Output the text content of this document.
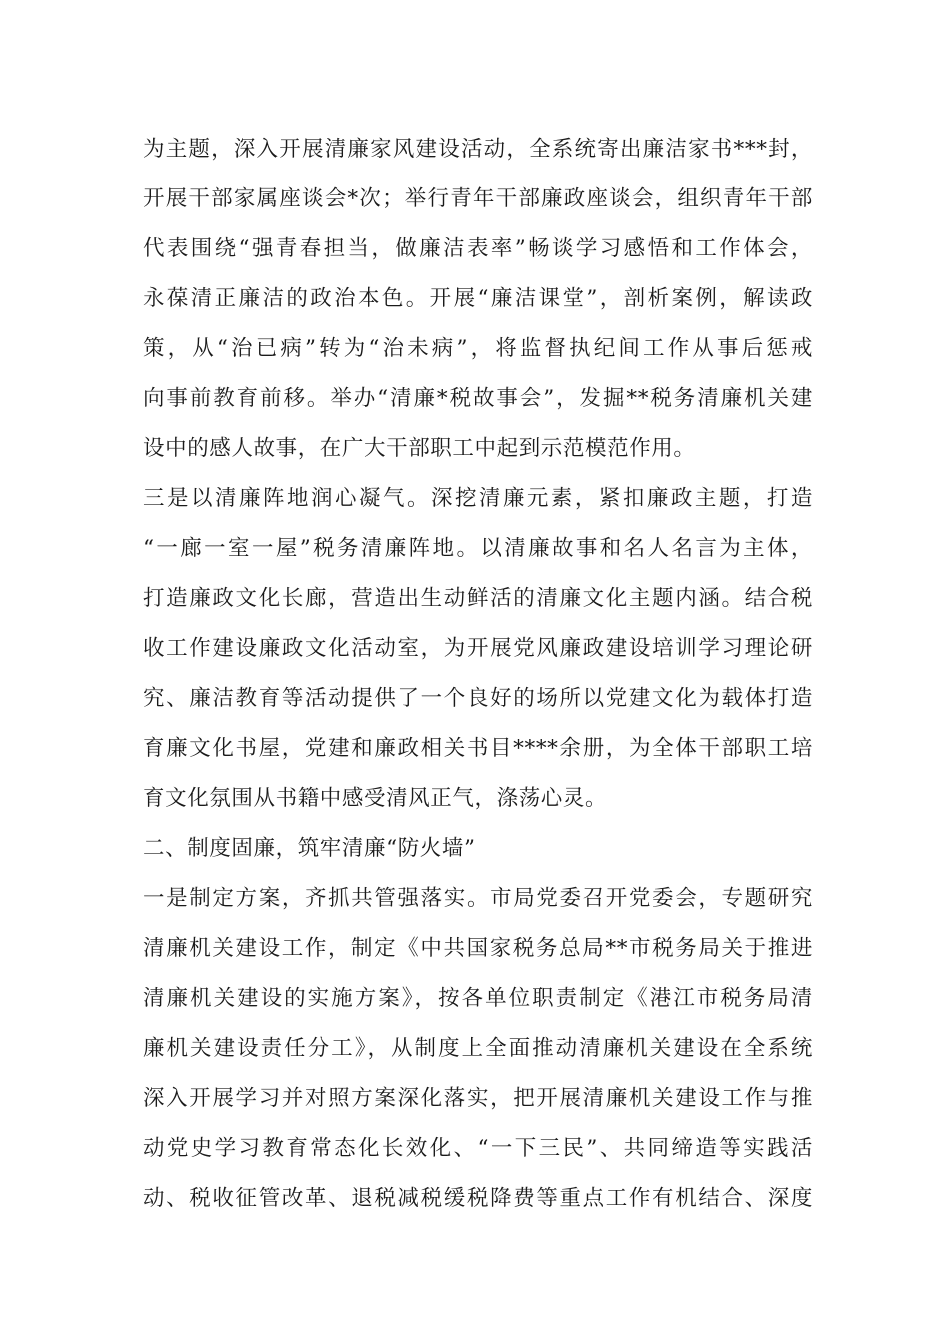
为主题，深入开展清廉家风建设活动，全系统寄出廉洁家书***封，
开展干部家属座谈会*次；举行青年干部廉政座谈会，组织青年干部
代表围绕“强青春担当，做廉洁表率”畅谈学习感悟和工作体会，
永葆清正廉洁的政治本色。开展“廉洁课堂”，剖析案例，解读政
策，从“治已病”转为“治未病”，将监督执纪间工作从事后惩戒
向事前教育前移。举办“清廉*税故事会”，发掘**税务清廉机关建
设中的感人故事，在广大干部职工中起到示范模范作用。
三是以清廉阵地润心凝气。深挖清廉元素，紧扣廉政主题，打造
“一廊一室一屋”税务清廉阵地。以清廉故事和名人名言为主体，
打造廉政文化长廊，营造出生动鲜活的清廉文化主题内涵。结合税
收工作建设廉政文化活动室，为开展党风廉政建设培训学习理论研
究、廉洁教育等活动提供了一个良好的场所以党建文化为载体打造
育廉文化书屋，党建和廉政相关书目****余册，为全体干部职工培
育文化氛围从书籍中感受清风正气，涤荡心灵。
二、制度固廉，筑牢清廉“防火墙”
一是制定方案，齐抓共管强落实。市局党委召开党委会，专题研究
清廉机关建设工作，制定《中共国家税务总局**市税务局关于推进
清廉机关建设的实施方案》，按各单位职责制定《港江市税务局清
廉机关建设责任分工》，从制度上全面推动清廉机关建设在全系统
深入开展学习并对照方案深化落实，把开展清廉机关建设工作与推
动党史学习教育常态化长效化、“一下三民”、共同缔造等实践活
动、税收征管改革、退税减税缓税降费等重点工作有机结合、深度
